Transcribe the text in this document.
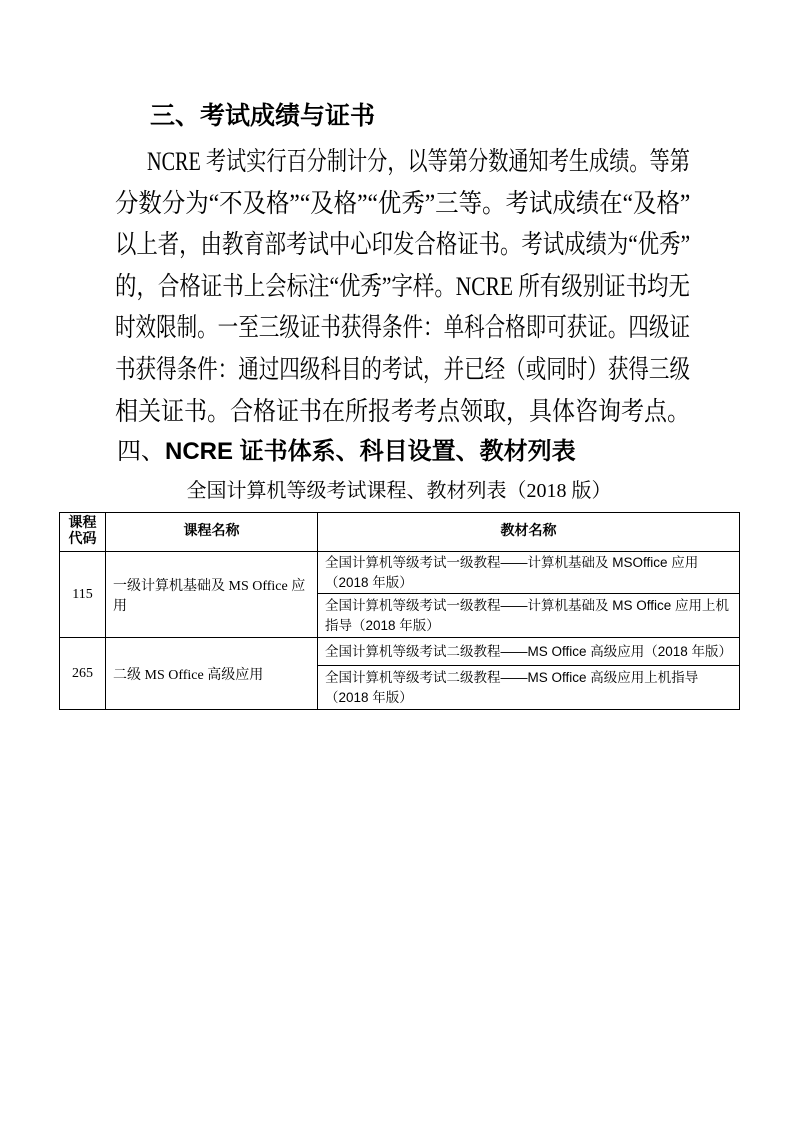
三、考试成绩与证书
NCRE 考试实行百分制计分，以等第分数通知考生成绩。等第
分数分为“不及格”“及格”“优秀”三等。考试成绩在“及格”
以上者，由教育部考试中心印发合格证书。考试成绩为“优秀”
的，合格证书上会标注“优秀”字样。NCRE 所有级别证书均无
时效限制。一至三级证书获得条件：单科合格即可获证。四级证
书获得条件：通过四级科目的考试，并已经（或同时）获得三级
相关证书。合格证书在所报考考点领取，具体咨询考点。
四、NCRE 证书体系、科目设置、教材列表
全国计算机等级考试课程、教材列表（2018 版）
课程代码	课程名称	教材名称
115	一级计算机基础及 MS Office 应用	全国计算机等级考试一级教程——计算机基础及 MSOffice 应用（2018 年版）
		全国计算机等级考试一级教程——计算机基础及 MS Office 应用上机指导（2018 年版）
265	二级 MS Office 高级应用	全国计算机等级考试二级教程——MS Office 高级应用（2018 年版）
		全国计算机等级考试二级教程——MS Office 高级应用上机指导（2018 年版）
